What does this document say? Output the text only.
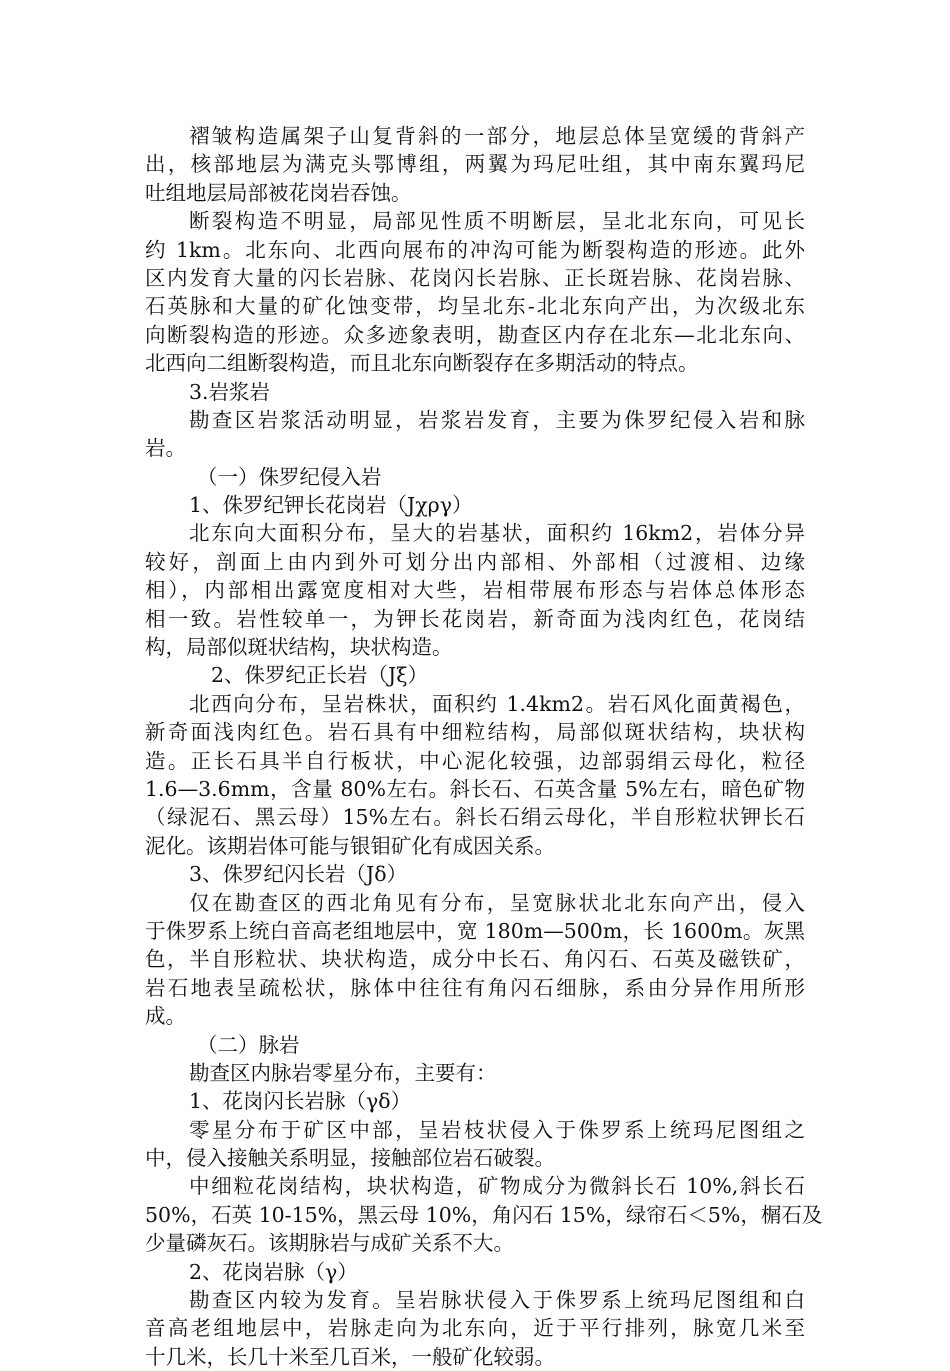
褶皱构造属架子山复背斜的一部分，地层总体呈宽缓的背斜产
出，核部地层为满克头鄂博组，两翼为玛尼吐组，其中南东翼玛尼
吐组地层局部被花岗岩吞蚀。
断裂构造不明显，局部见性质不明断层，呈北北东向，可见长
约 1km。北东向、北西向展布的冲沟可能为断裂构造的形迹。此外
区内发育大量的闪长岩脉、花岗闪长岩脉、正长斑岩脉、花岗岩脉、
石英脉和大量的矿化蚀变带，均呈北东-北北东向产出，为次级北东
向断裂构造的形迹。众多迹象表明，勘查区内存在北东—北北东向、
北西向二组断裂构造，而且北东向断裂存在多期活动的特点。
3.岩浆岩
勘查区岩浆活动明显，岩浆岩发育，主要为侏罗纪侵入岩和脉
岩。
（一）侏罗纪侵入岩
1、侏罗纪钾长花岗岩（Jχργ）
北东向大面积分布，呈大的岩基状，面积约 16km2，岩体分异
较好，剖面上由内到外可划分出内部相、外部相（过渡相、边缘
相），内部相出露宽度相对大些，岩相带展布形态与岩体总体形态
相一致。岩性较单一，为钾长花岗岩，新奇面为浅肉红色，花岗结
构，局部似斑状结构，块状构造。
2、侏罗纪正长岩（Jξ）
北西向分布，呈岩株状，面积约 1.4km2。岩石风化面黄褐色，
新奇面浅肉红色。岩石具有中细粒结构，局部似斑状结构，块状构
造。正长石具半自行板状，中心泥化较强，边部弱绢云母化，粒径
1.6—3.6mm，含量 80%左右。斜长石、石英含量 5%左右，暗色矿物
（绿泥石、黑云母）15%左右。斜长石绢云母化，半自形粒状钾长石
泥化。该期岩体可能与银钼矿化有成因关系。
3、侏罗纪闪长岩（Jδ）
仅在勘查区的西北角见有分布，呈宽脉状北北东向产出，侵入
于侏罗系上统白音高老组地层中，宽 180m—500m，长 1600m。灰黑
色，半自形粒状、块状构造，成分中长石、角闪石、石英及磁铁矿，
岩石地表呈疏松状，脉体中往往有角闪石细脉，系由分异作用所形
成。
（二）脉岩
勘查区内脉岩零星分布，主要有：
1、花岗闪长岩脉（γδ）
零星分布于矿区中部，呈岩枝状侵入于侏罗系上统玛尼图组之
中，侵入接触关系明显，接触部位岩石破裂。
中细粒花岗结构，块状构造，矿物成分为微斜长石 10%,斜长石
50%，石英 10-15%，黑云母 10%，角闪石 15%，绿帘石＜5%，榍石及
少量磷灰石。该期脉岩与成矿关系不大。
2、花岗岩脉（γ）
勘查区内较为发育。呈岩脉状侵入于侏罗系上统玛尼图组和白
音高老组地层中，岩脉走向为北东向，近于平行排列，脉宽几米至
十几米，长几十米至几百米，一般矿化较弱。
